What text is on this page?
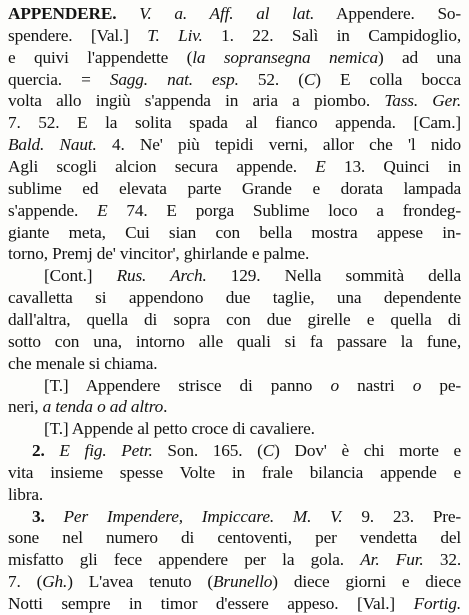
APPENDERE. V. a. Aff. al lat. Appendere. So-
spendere. [Val.] T. Liv. 1. 22. Salì in Campidoglio,
e quivi l'appendette (la sopransegna nemica) ad una
quercia. = Sagg. nat. esp. 52. (C) E colla bocca
volta allo ingiù s'appenda in aria a piombo. Tass. Ger.
7. 52. E la solita spada al fianco appenda. [Cam.]
Bald. Naut. 4. Ne' più tepidi verni, allor che 'l nido
Agli scogli alcion secura appende. E 13. Quinci in
sublime ed elevata parte Grande e dorata lampada
s'appende. E 74. E porga Sublime loco a frondeg-
giante meta, Cui sian con bella mostra appese in-
torno, Premj de' vincitor', ghirlande e palme.
[Cont.] Rus. Arch. 129. Nella sommità della
cavalletta si appendono due taglie, una dependente
dall'altra, quella di sopra con due girelle e quella di
sotto con una, intorno alle quali si fa passare la fune,
che menale si chiama.
[T.] Appendere strisce di panno o nastri o pe-
neri, a tenda o ad altro.
[T.] Appende al petto croce di cavaliere.
2. E fig. Petr. Son. 165. (C) Dov' è chi morte e
vita insieme spesse Volte in frale bilancia appende e
libra.
3. Per Impendere, Impiccare. M. V. 9. 23. Pre-
sone nel numero di centoventi, per vendetta del
misfatto gli fece appendere per la gola. Ar. Fur. 32.
7. (Gh.) L'avea tenuto (Brunello) diece giorni e diece
Notti sempre in timor d'essere appeso. [Val.] Fortig.
